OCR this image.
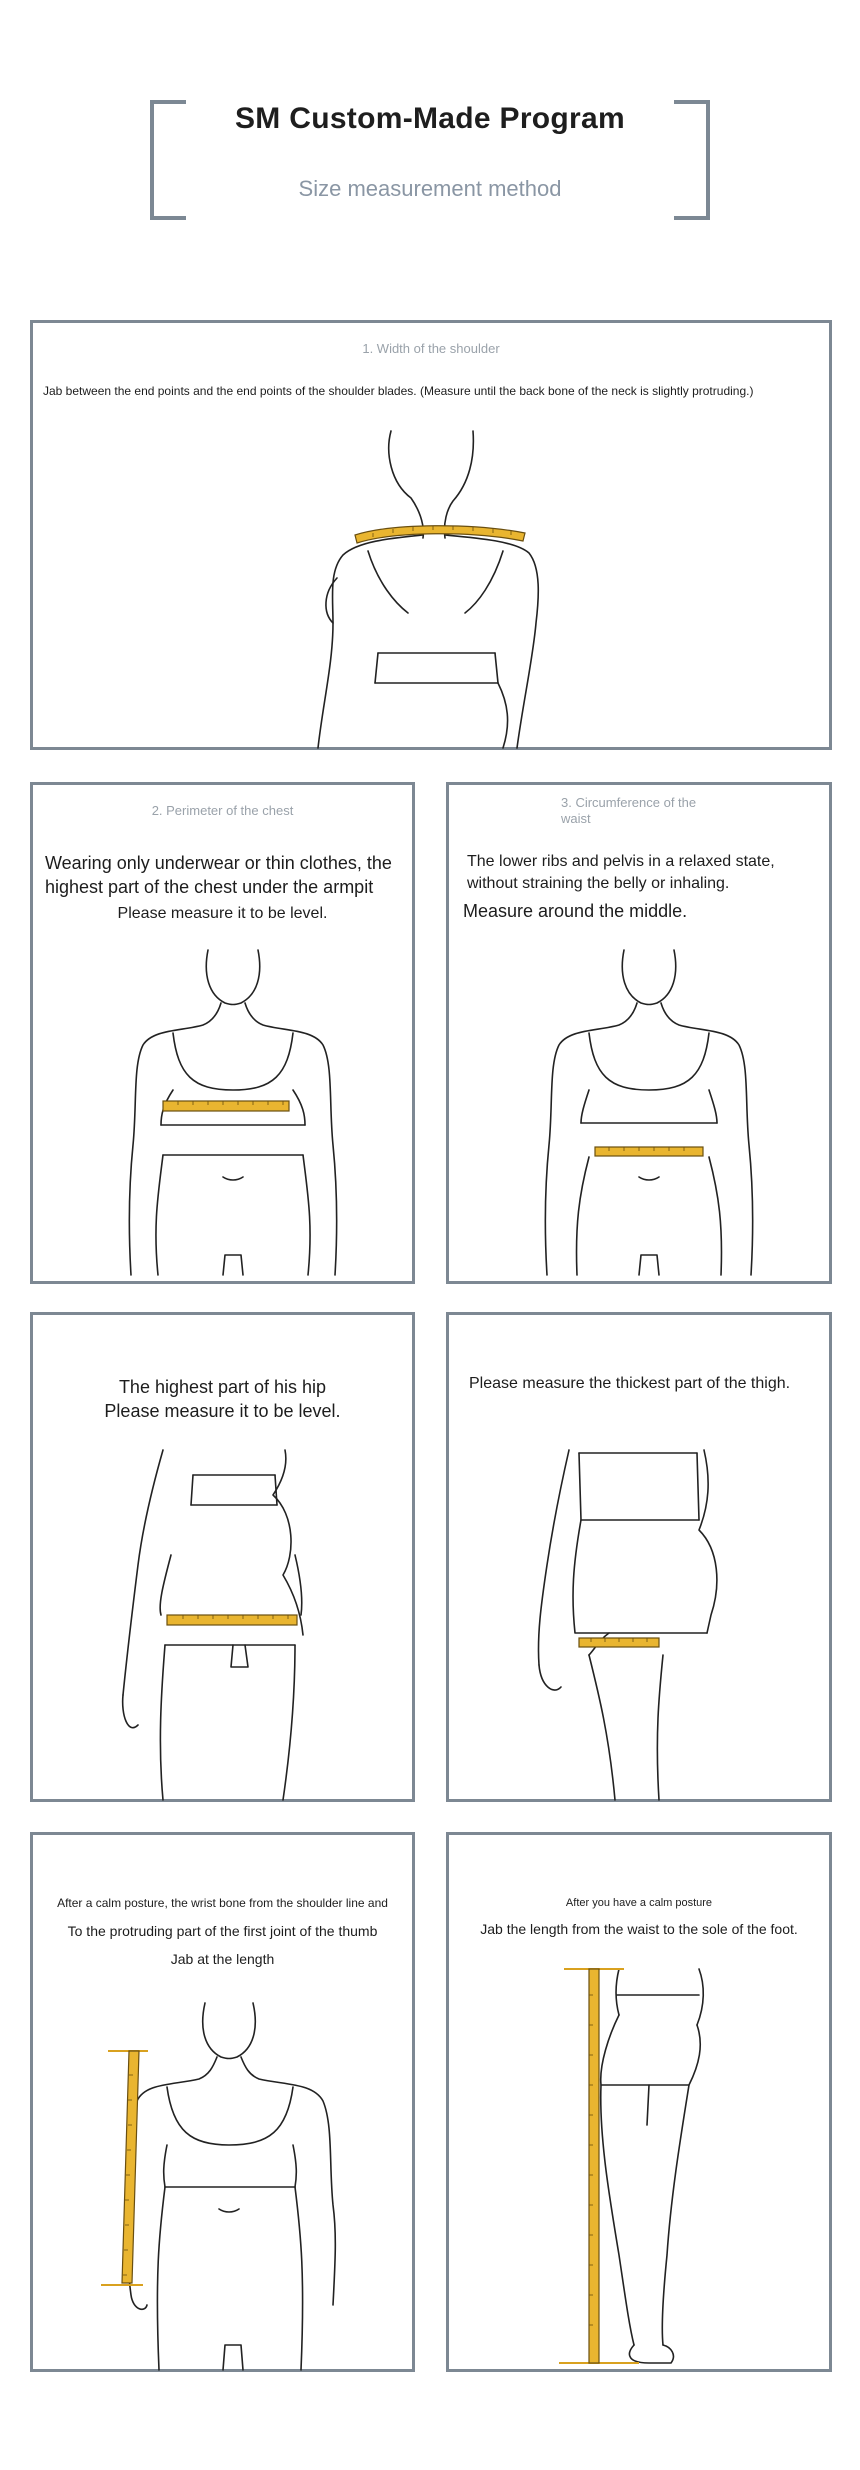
SM Custom-Made Program
Size measurement method
1. Width of the shoulder
Jab between the end points and the end points of the shoulder blades. (Measure until the back bone of the neck is slightly protruding.)
2. Perimeter of the chest
Wearing only underwear or thin clothes, the
highest part of the chest under the armpit
Please measure it to be level.
3. Circumference of the
waist
The lower ribs and pelvis in a relaxed state,
without straining the belly or inhaling.
Measure around the middle.
The highest part of his hip
Please measure it to be level.
Please measure the thickest part of the thigh.
After a calm posture, the wrist bone from the shoulder line and
To the protruding part of the first joint of the thumb
Jab at the length
After you have a calm posture
Jab the length from the waist to the sole of the foot.
